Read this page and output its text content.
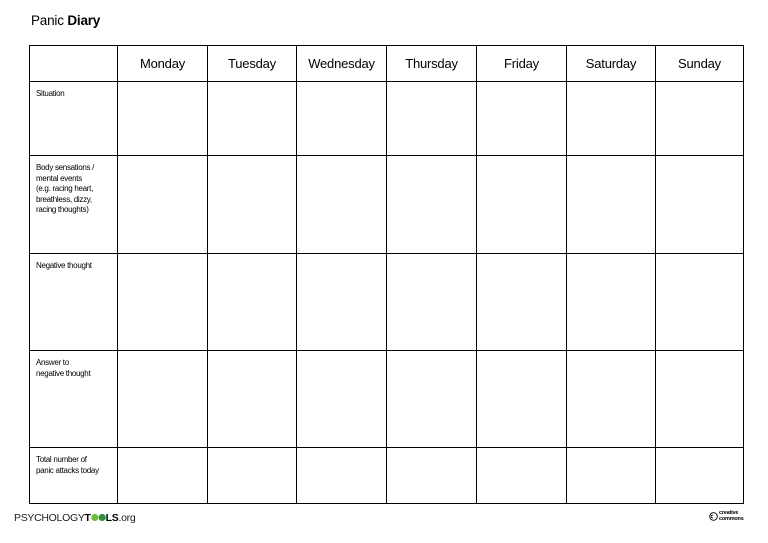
Panic Diary
	Monday	Tuesday	Wednesday	Thursday	Friday	Saturday	Sunday

Situation							

Body sensations /
mental events
(e.g. racing heart,
breathless, dizzy,
racing thoughts)							

Negative thought							

Answer to
negative thought							

Total number of
panic attacks today							

PSYCHOLOGYT LS.org	creative
commons
